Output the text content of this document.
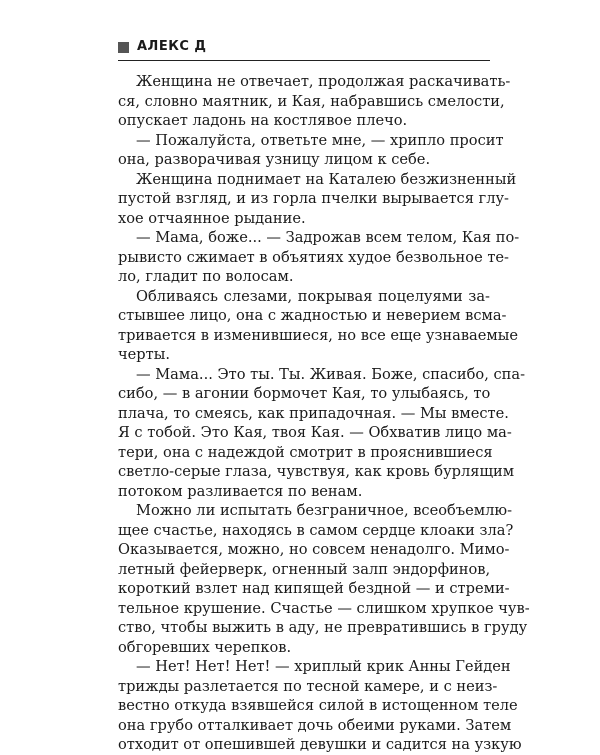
АЛЕКС Д
Женщина не отвечает, продолжая раскачивать-
ся, словно маятник, и Кая, набравшись смелости,
опускает ладонь на костлявое плечо.
— Пожалуйста, ответьте мне, — хрипло просит
она, разворачивая узницу лицом к себе.
Женщина поднимает на Каталею безжизненный
пустой взгляд, и из горла пчелки вырывается глу-
хое отчаянное рыдание.
— Мама, боже... — Задрожав всем телом, Кая по-
рывисто сжимает в объятиях худое безвольное те-
ло, гладит по волосам.
Обливаясь слезами, покрывая поцелуями за-
стывшее лицо, она с жадностью и неверием всма-
тривается в изменившиеся, но все еще узнаваемые
черты.
— Мама... Это ты. Ты. Живая. Боже, спасибо, спа-
сибо, — в агонии бормочет Кая, то улыбаясь, то
плача, то смеясь, как припадочная. — Мы вместе.
Я с тобой. Это Кая, твоя Кая. — Обхватив лицо ма-
тери, она с надеждой смотрит в прояснившиеся
светло-серые глаза, чувствуя, как кровь бурлящим
потоком разливается по венам.
Можно ли испытать безграничное, всеобъемлю-
щее счастье, находясь в самом сердце клоаки зла?
Оказывается, можно, но совсем ненадолго. Мимо-
летный фейерверк, огненный залп эндорфинов,
короткий взлет над кипящей бездной — и стреми-
тельное крушение. Счастье — слишком хрупкое чув-
ство, чтобы выжить в аду, не превратившись в груду
обгоревших черепков.
— Нет! Нет! Нет! — хриплый крик Анны Гейден
трижды разлетается по тесной камере, и с неиз-
вестно откуда взявшейся силой в истощенном теле
она грубо отталкивает дочь обеими руками. Затем
отходит от опешившей девушки и садится на узкую
